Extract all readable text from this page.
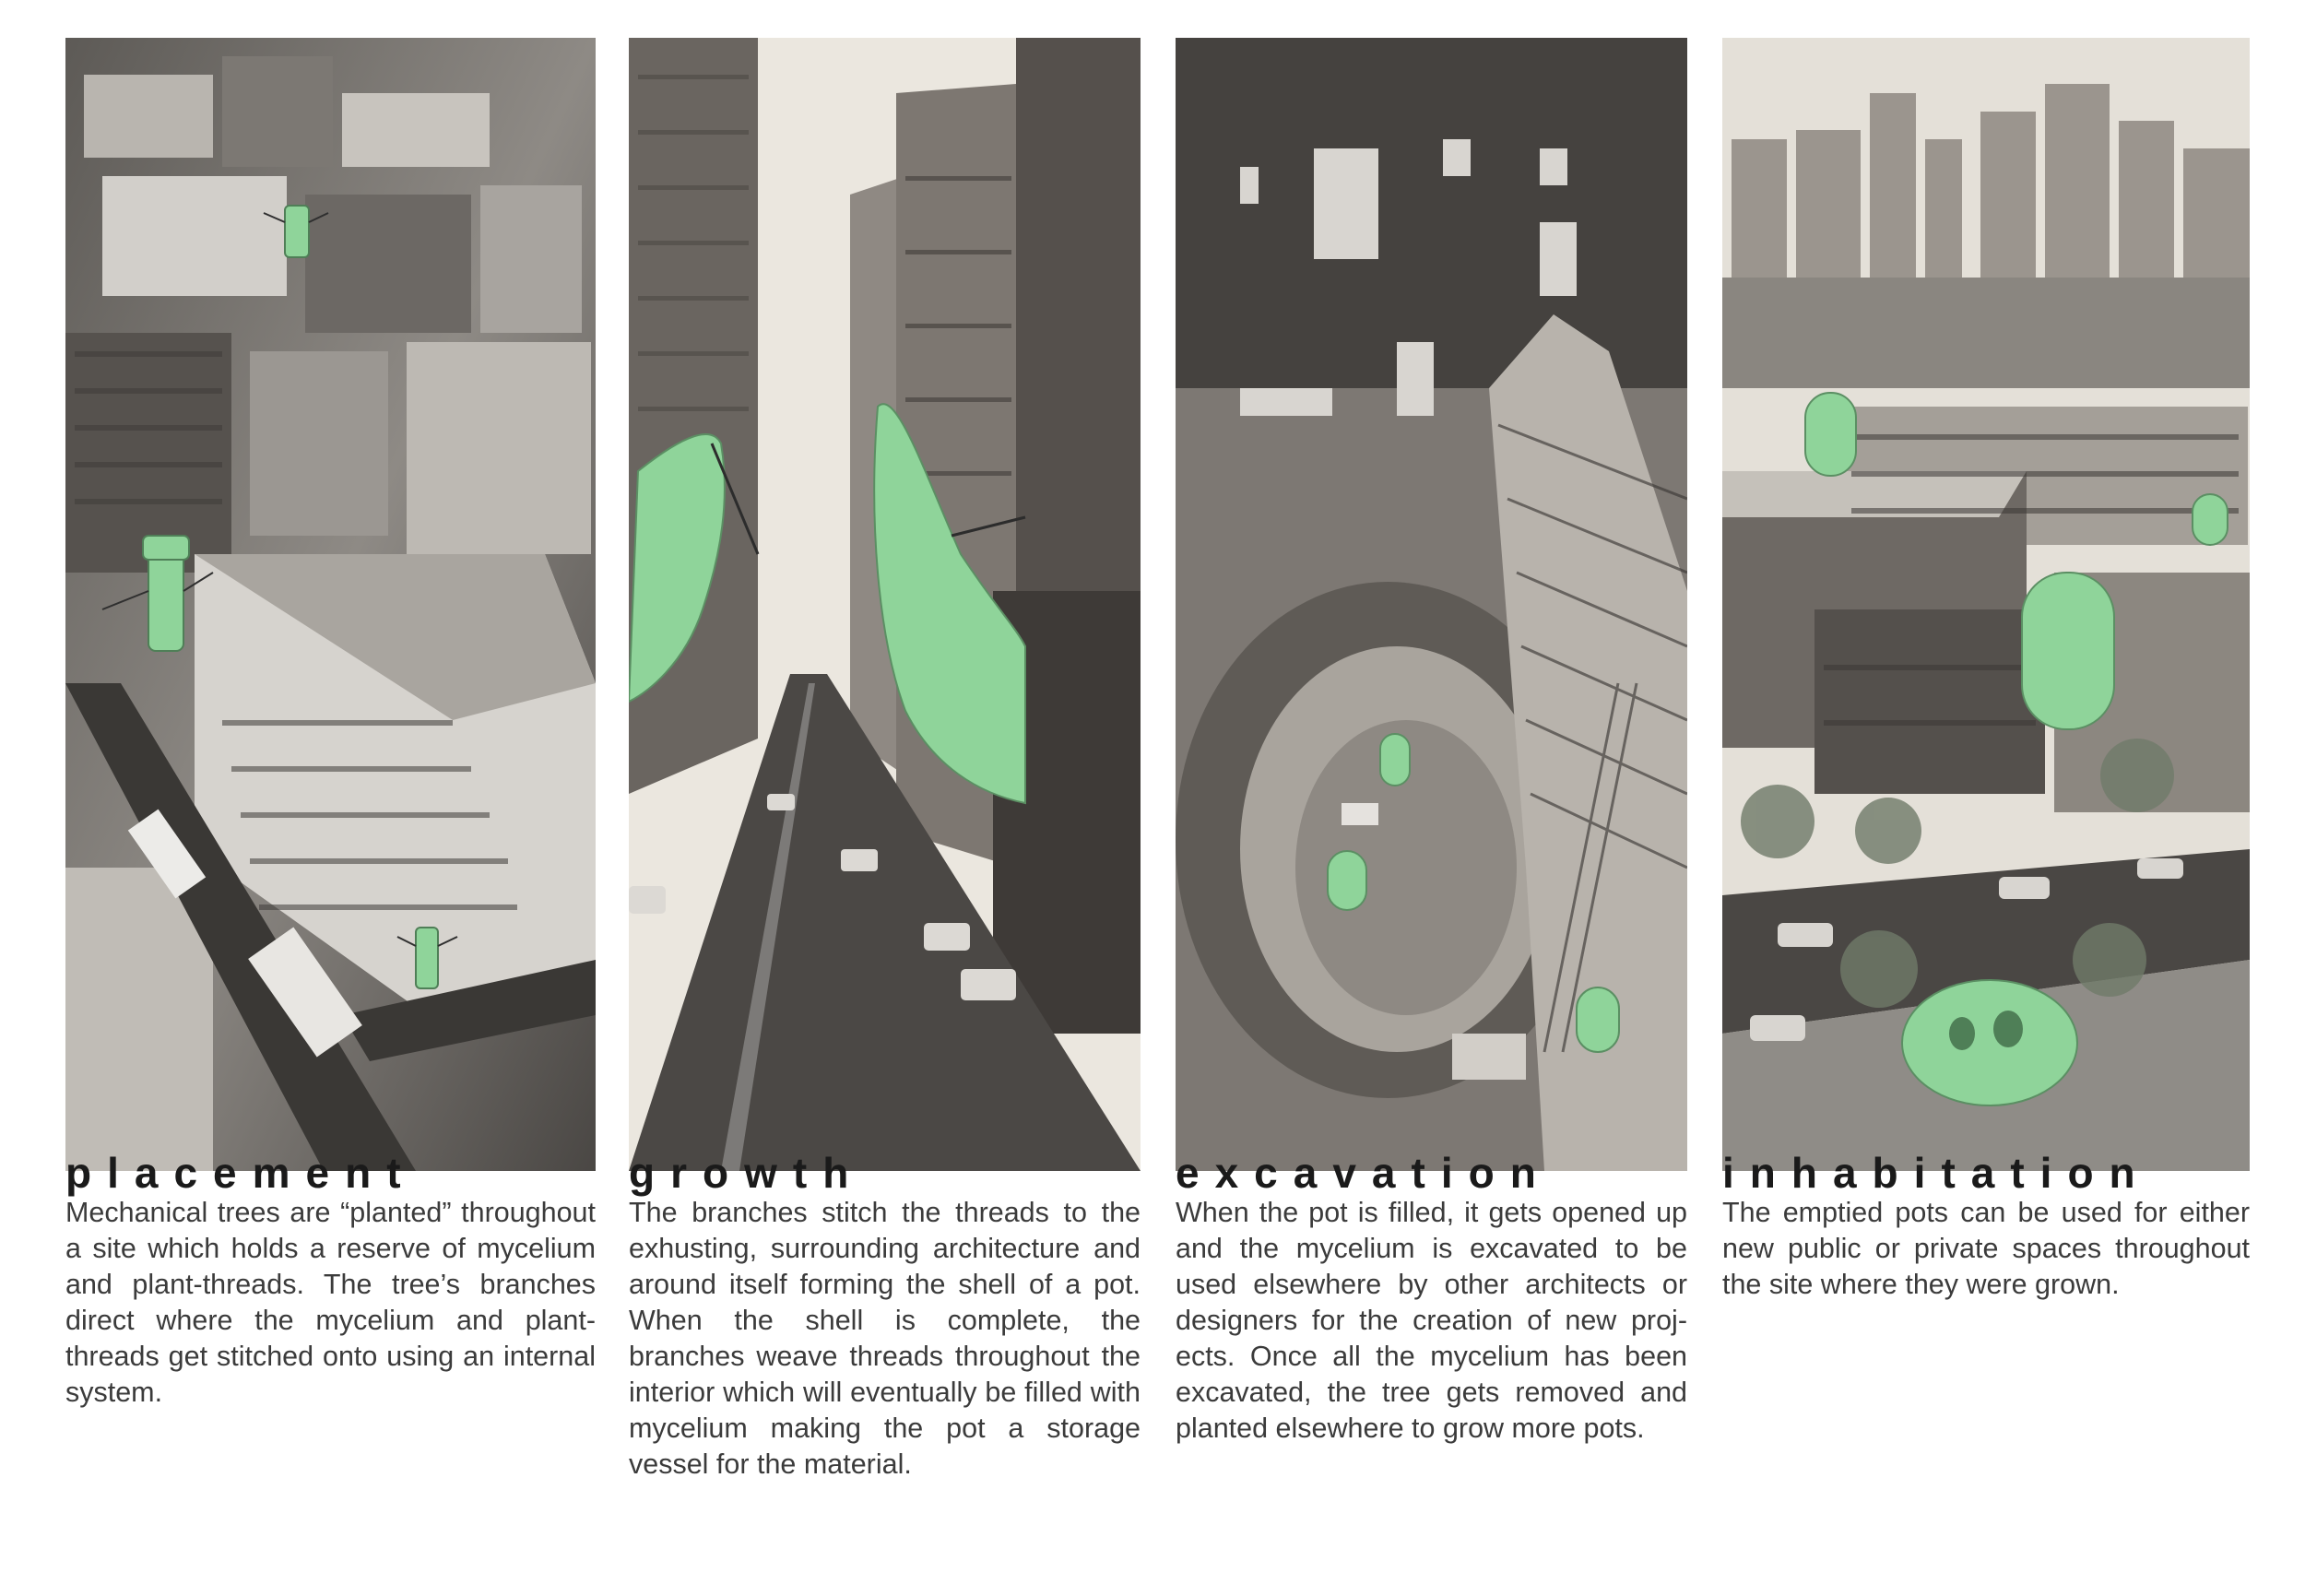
placement

Mechanical trees are “planted” throughout a site which holds a reserve of mycelium and plant-threads. The tree’s branches direct where the mycelium and plant-threads get stitched onto using an internal system.

growth

The branches stitch the threads to the exhusting, surrounding architecture and around itself forming the shell of a pot. When the shell is complete, the branches weave threads throughout the interior which will eventually be filled with mycelium making the pot a storage vessel for the material.

excavation

When the pot is filled, it gets opened up and the mycelium is excavated to be used elsewhere by other architects or designers for the creation of new projects. Once all the mycelium has been excavated, the tree gets removed and planted elsewhere to grow more pots.

inhabitation

The emptied pots can be used for either new public or private spaces throughout the site where they were grown.
